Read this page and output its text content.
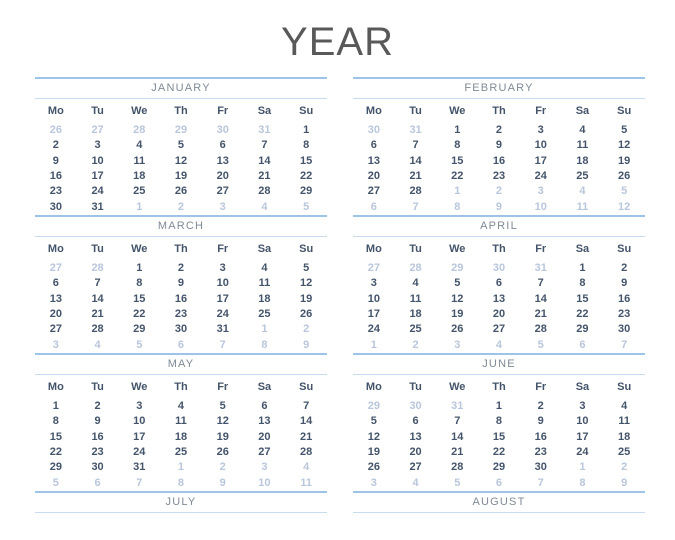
YEAR
JANUARY
Mo	Tu	We	Th	Fr	Sa	Su
26	27	28	29	30	31	1
2	3	4	5	6	7	8
9	10	11	12	13	14	15
16	17	18	19	20	21	22
23	24	25	26	27	28	29
30	31	1	2	3	4	5
FEBRUARY
Mo	Tu	We	Th	Fr	Sa	Su
30	31	1	2	3	4	5
6	7	8	9	10	11	12
13	14	15	16	17	18	19
20	21	22	23	24	25	26
27	28	1	2	3	4	5
6	7	8	9	10	11	12
MARCH
Mo	Tu	We	Th	Fr	Sa	Su
27	28	1	2	3	4	5
6	7	8	9	10	11	12
13	14	15	16	17	18	19
20	21	22	23	24	25	26
27	28	29	30	31	1	2
3	4	5	6	7	8	9
APRIL
Mo	Tu	We	Th	Fr	Sa	Su
27	28	29	30	31	1	2
3	4	5	6	7	8	9
10	11	12	13	14	15	16
17	18	19	20	21	22	23
24	25	26	27	28	29	30
1	2	3	4	5	6	7
MAY
Mo	Tu	We	Th	Fr	Sa	Su
1	2	3	4	5	6	7
8	9	10	11	12	13	14
15	16	17	18	19	20	21
22	23	24	25	26	27	28
29	30	31	1	2	3	4
5	6	7	8	9	10	11
JUNE
Mo	Tu	We	Th	Fr	Sa	Su
29	30	31	1	2	3	4
5	6	7	8	9	10	11
12	13	14	15	16	17	18
19	20	21	22	23	24	25
26	27	28	29	30	1	2
3	4	5	6	7	8	9
JULY	AUGUST
